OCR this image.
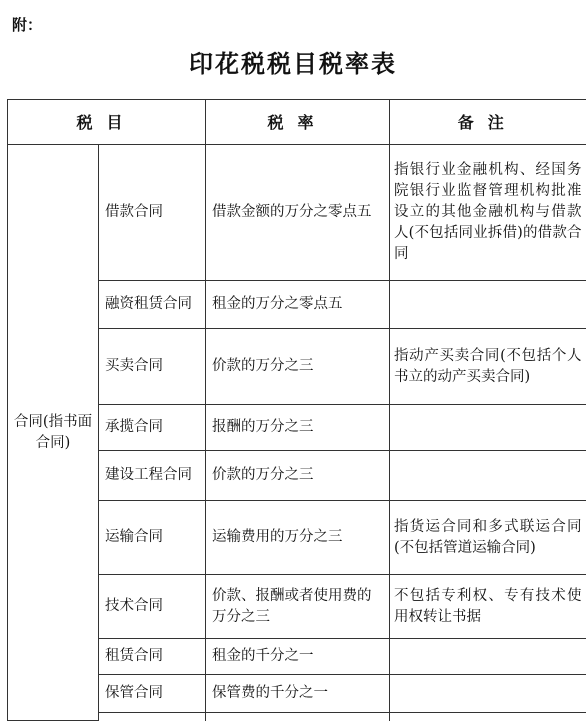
附：
印花税税目税率表
税目		税率	备注
合同(指书面合同)	借款合同	借款金额的万分之零点五	指银行业金融机构、经国务院银行业监督管理机构批准设立的其他金融机构与借款人(不包括同业拆借)的借款合同
	融资租赁合同	租金的万分之零点五	
	买卖合同	价款的万分之三	指动产买卖合同(不包括个人书立的动产买卖合同)
	承揽合同	报酬的万分之三	
	建设工程合同	价款的万分之三	
	运输合同	运输费用的万分之三	指货运合同和多式联运合同(不包括管道运输合同)
	技术合同	价款、报酬或者使用费的万分之三	不包括专利权、专有技术使用权转让书据
	租赁合同	租金的千分之一	
	保管合同	保管费的千分之一	
